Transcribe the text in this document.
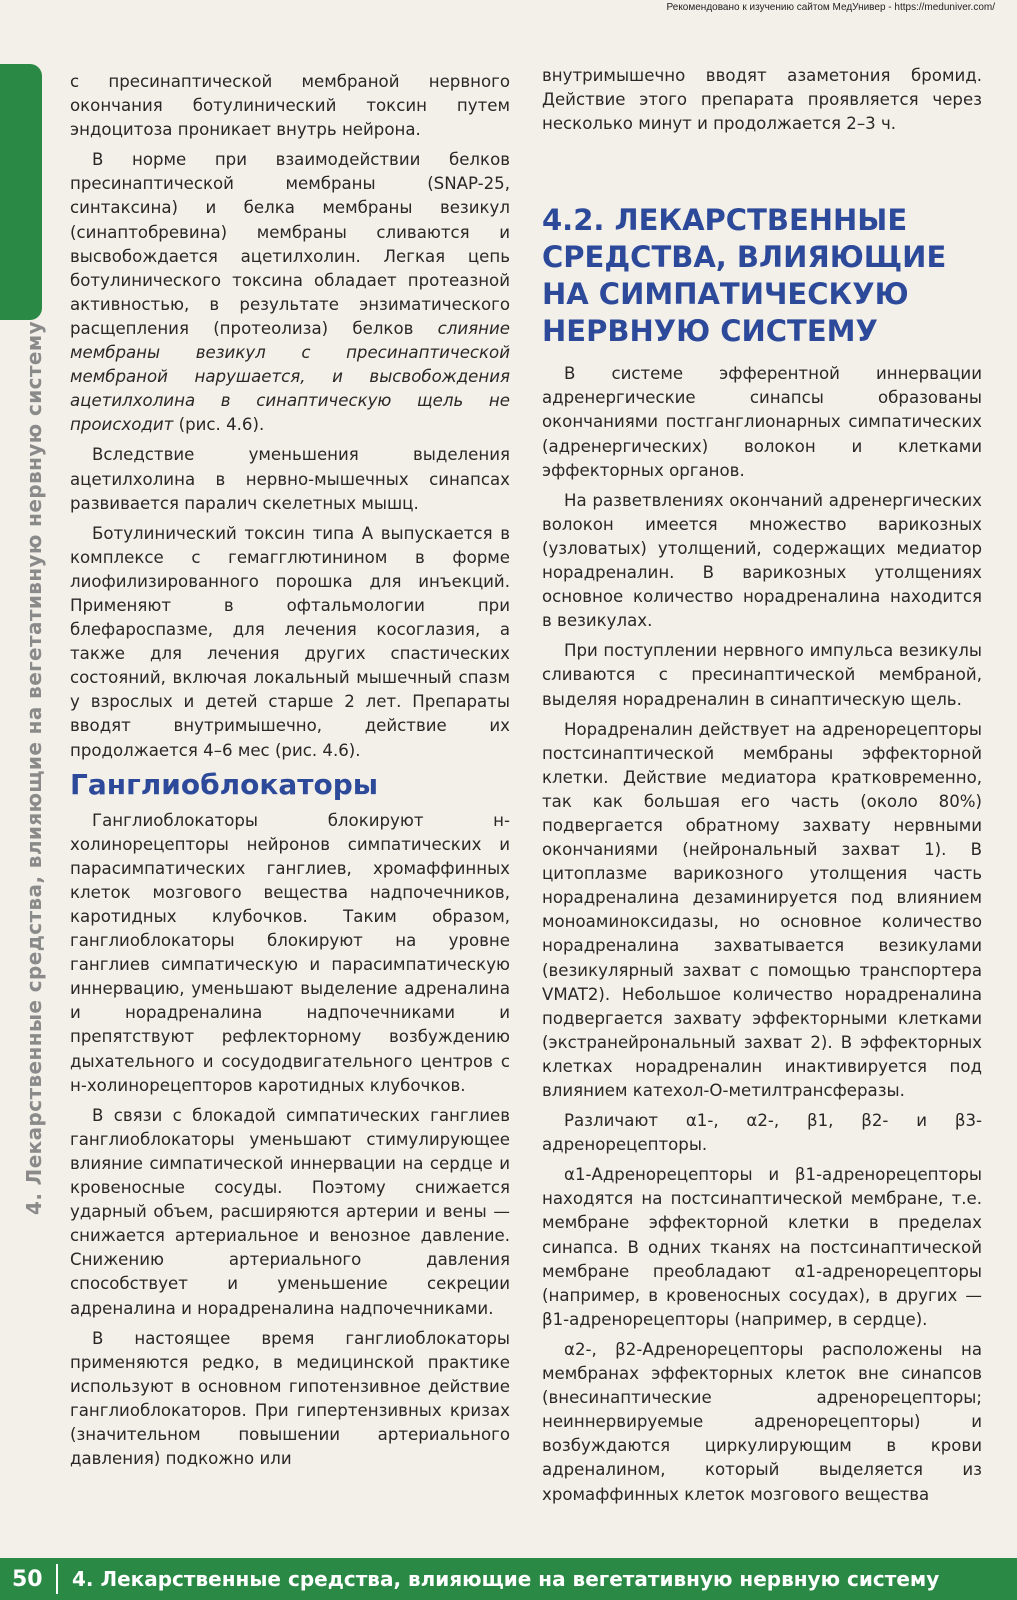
Рекомендовано к изучению сайтом МедУнивер - https://meduniver.com/
4. Лекарственные средства, влияющие на вегетативную нервную систему

с пресинаптической мембраной нервного окончания ботулинический токсин путем эндоцитоза проникает внутрь нейрона.

В норме при взаимодействии белков пресинаптической мембраны (SNAP-25, синтаксина) и белка мембраны везикул (синаптобревина) мембраны сливаются и высвобождается ацетилхолин. Легкая цепь ботулинического токсина обладает протеазной активностью, в результате энзиматического расщепления (протеолиза) белков слияние мембраны везикул с пресинаптической мембраной нарушается, и высвобождения ацетилхолина в синаптическую щель не происходит (рис. 4.6).

Вследствие уменьшения выделения ацетилхолина в нервно-мышечных синапсах развивается паралич скелетных мышц.

Ботулинический токсин типа А выпускается в комплексе с гемагглютинином в форме лиофилизированного порошка для инъекций. Применяют в офтальмологии при блефароспазме, для лечения косоглазия, а также для лечения других спастических состояний, включая локальный мышечный спазм у взрослых и детей старше 2 лет. Препараты вводят внутримышечно, действие их продолжается 4–6 мес (рис. 4.6).

Ганглиоблокаторы

Ганглиоблокаторы блокируют н-холинорецепторы нейронов симпатических и парасимпатических ганглиев, хромаффинных клеток мозгового вещества надпочечников, каротидных клубочков. Таким образом, ганглиоблокаторы блокируют на уровне ганглиев симпатическую и парасимпатическую иннервацию, уменьшают выделение адреналина и норадреналина надпочечниками и препятствуют рефлекторному возбуждению дыхательного и сосудодвигательного центров с н-холинорецепторов каротидных клубочков.

В связи с блокадой симпатических ганглиев ганглиоблокаторы уменьшают стимулирующее влияние симпатической иннервации на сердце и кровеносные сосуды. Поэтому снижается ударный объем, расширяются артерии и вены — снижается артериальное и венозное давление. Снижению артериального давления способствует и уменьшение секреции адреналина и норадреналина надпочечниками.

В настоящее время ганглиоблокаторы применяются редко, в медицинской практике используют в основном гипотензивное действие ганглиоблокаторов. При гипертензивных кризах (значительном повышении артериального давления) подкожно или

внутримышечно вводят азаметония бромид. Действие этого препарата проявляется через несколько минут и продолжается 2–3 ч.

4.2. ЛЕКАРСТВЕННЫЕ СРЕДСТВА, ВЛИЯЮЩИЕ НА СИМПАТИЧЕСКУЮ НЕРВНУЮ СИСТЕМУ

В системе эфферентной иннервации адренергические синапсы образованы окончаниями постганглионарных симпатических (адренергических) волокон и клетками эффекторных органов.

На разветвлениях окончаний адренергических волокон имеется множество варикозных (узловатых) утолщений, содержащих медиатор норадреналин. В варикозных утолщениях основное количество норадреналина находится в везикулах.

При поступлении нервного импульса везикулы сливаются с пресинаптической мембраной, выделяя норадреналин в синаптическую щель.

Норадреналин действует на адренорецепторы постсинаптической мембраны эффекторной клетки. Действие медиатора кратковременно, так как большая его часть (около 80%) подвергается обратному захвату нервными окончаниями (нейрональный захват 1). В цитоплазме варикозного утолщения часть норадреналина дезаминируется под влиянием моноаминоксидазы, но основное количество норадреналина захватывается везикулами (везикулярный захват с помощью транспортера VMAT2). Небольшое количество норадреналина подвергается захвату эффекторными клетками (экстранейрональный захват 2). В эффекторных клетках норадреналин инактивируется под влиянием катехол-О-метилтрансферазы.

Различают α1-, α2-, β1, β2- и β3-адренорецепторы.

α1-Адренорецепторы и β1-адренорецепторы находятся на постсинаптической мембране, т.е. мембране эффекторной клетки в пределах синапса. В одних тканях на постсинаптической мембране преобладают α1-адренорецепторы (например, в кровеносных сосудах), в других — β1-адренорецепторы (например, в сердце).

α2-, β2-Адренорецепторы расположены на мембранах эффекторных клеток вне синапсов (внесинаптические адренорецепторы; неиннервируемые адренорецепторы) и возбуждаются циркулирующим в крови адреналином, который выделяется из хромаффинных клеток мозгового вещества

50	4. Лекарственные средства, влияющие на вегетативную нервную систему
